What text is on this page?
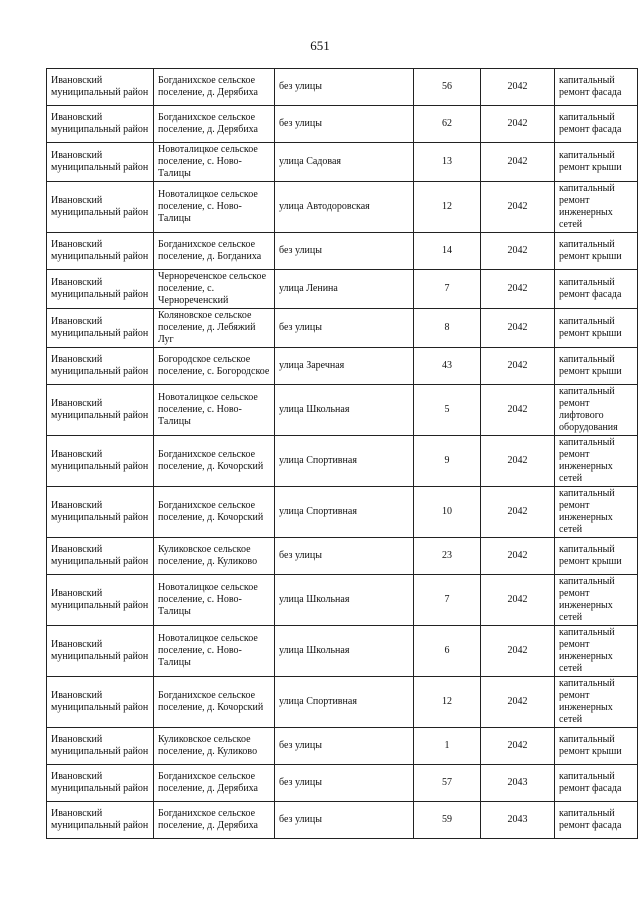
651
Ивановский муниципальный район	Богданихское сельское поселение, д. Дерябиха	без улицы	56	2042	капитальный ремонт фасада
Ивановский муниципальный район	Богданихское сельское поселение, д. Дерябиха	без улицы	62	2042	капитальный ремонт фасада
Ивановский муниципальный район	Новоталицкое сельское поселение, с. Ново-Талицы	улица Садовая	13	2042	капитальный ремонт крыши
Ивановский муниципальный район	Новоталицкое сельское поселение, с. Ново-Талицы	улица Автодоровская	12	2042	капитальный ремонт инженерных сетей
Ивановский муниципальный район	Богданихское сельское поселение, д. Богданиха	без улицы	14	2042	капитальный ремонт крыши
Ивановский муниципальный район	Чернореченское сельское поселение, с. Чернореченский	улица Ленина	7	2042	капитальный ремонт фасада
Ивановский муниципальный район	Коляновское сельское поселение, д. Лебяжий Луг	без улицы	8	2042	капитальный ремонт крыши
Ивановский муниципальный район	Богородское сельское поселение, с. Богородское	улица Заречная	43	2042	капитальный ремонт крыши
Ивановский муниципальный район	Новоталицкое сельское поселение, с. Ново-Талицы	улица Школьная	5	2042	капитальный ремонт лифтового оборудования
Ивановский муниципальный район	Богданихское сельское поселение, д. Кочорский	улица Спортивная	9	2042	капитальный ремонт инженерных сетей
Ивановский муниципальный район	Богданихское сельское поселение, д. Кочорский	улица Спортивная	10	2042	капитальный ремонт инженерных сетей
Ивановский муниципальный район	Куликовское сельское поселение, д. Куликово	без улицы	23	2042	капитальный ремонт крыши
Ивановский муниципальный район	Новоталицкое сельское поселение, с. Ново-Талицы	улица Школьная	7	2042	капитальный ремонт инженерных сетей
Ивановский муниципальный район	Новоталицкое сельское поселение, с. Ново-Талицы	улица Школьная	6	2042	капитальный ремонт инженерных сетей
Ивановский муниципальный район	Богданихское сельское поселение, д. Кочорский	улица Спортивная	12	2042	капитальный ремонт инженерных сетей
Ивановский муниципальный район	Куликовское сельское поселение, д. Куликово	без улицы	1	2042	капитальный ремонт крыши
Ивановский муниципальный район	Богданихское сельское поселение, д. Дерябиха	без улицы	57	2043	капитальный ремонт фасада
Ивановский муниципальный район	Богданихское сельское поселение, д. Дерябиха	без улицы	59	2043	капитальный ремонт фасада
